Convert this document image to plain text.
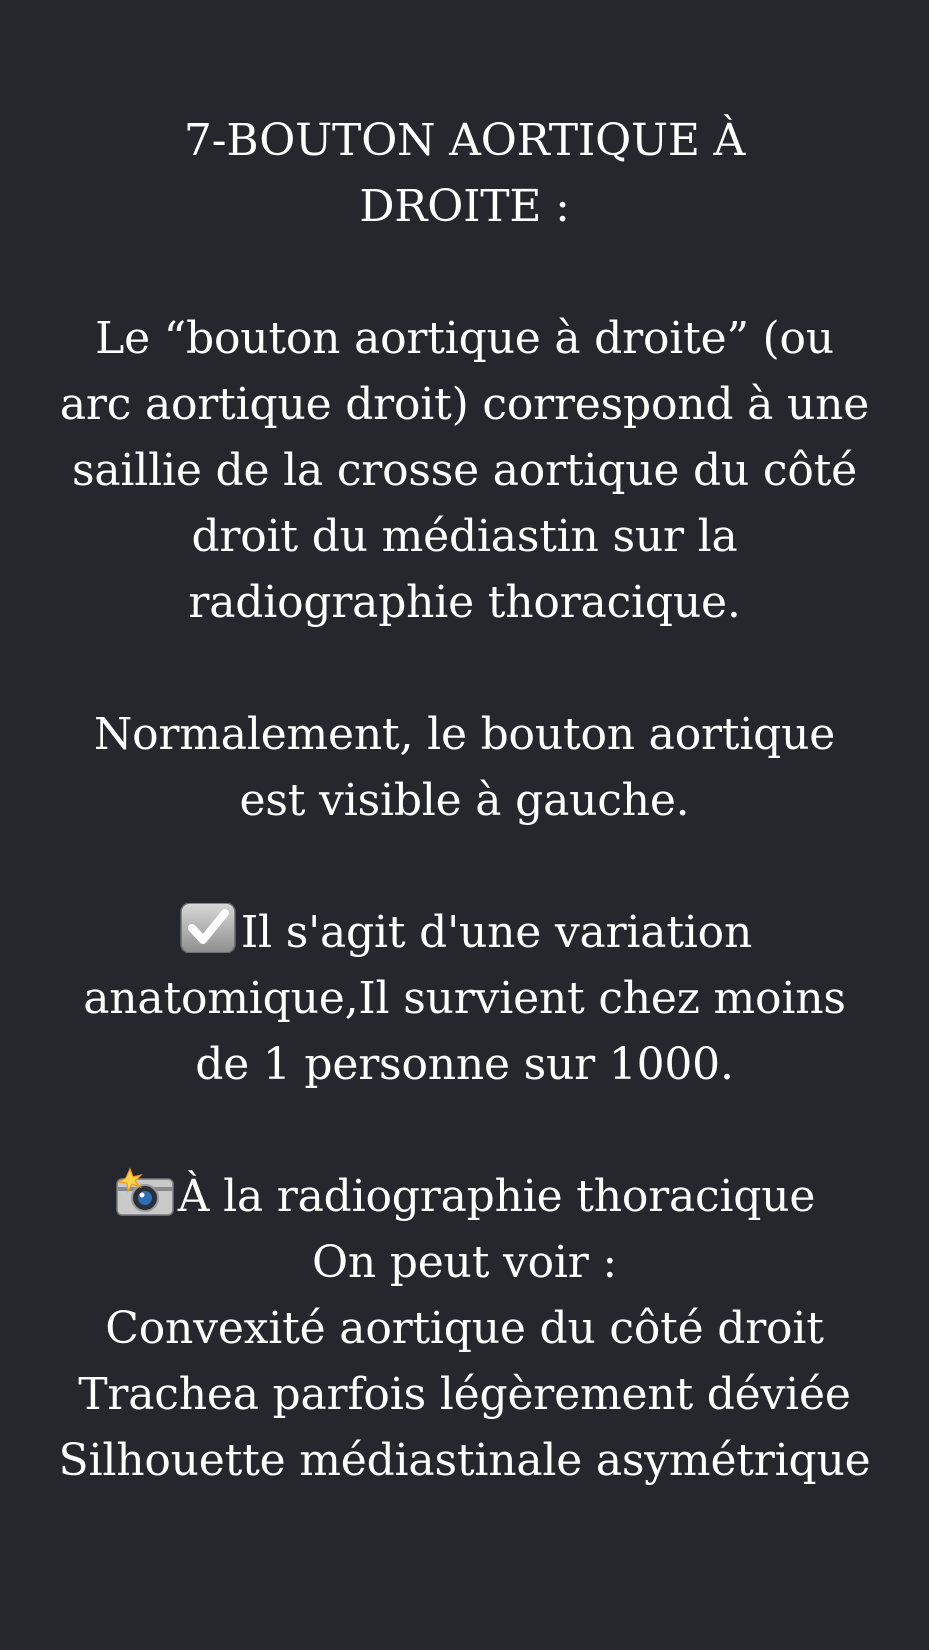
7-BOUTON AORTIQUE À DROITE :
Le “bouton aortique à droite” (ou arc aortique droit) correspond à une saillie de la crosse aortique du côté droit du médiastin sur la radiographie thoracique.
Normalement, le bouton aortique est visible à gauche.
Il s'agit d'une variation anatomique,Il survient chez moins de 1 personne sur 1000.
À la radiographie thoracique
On peut voir :
Convexité aortique du côté droit
Trachea parfois légèrement déviée
Silhouette médiastinale asymétrique
